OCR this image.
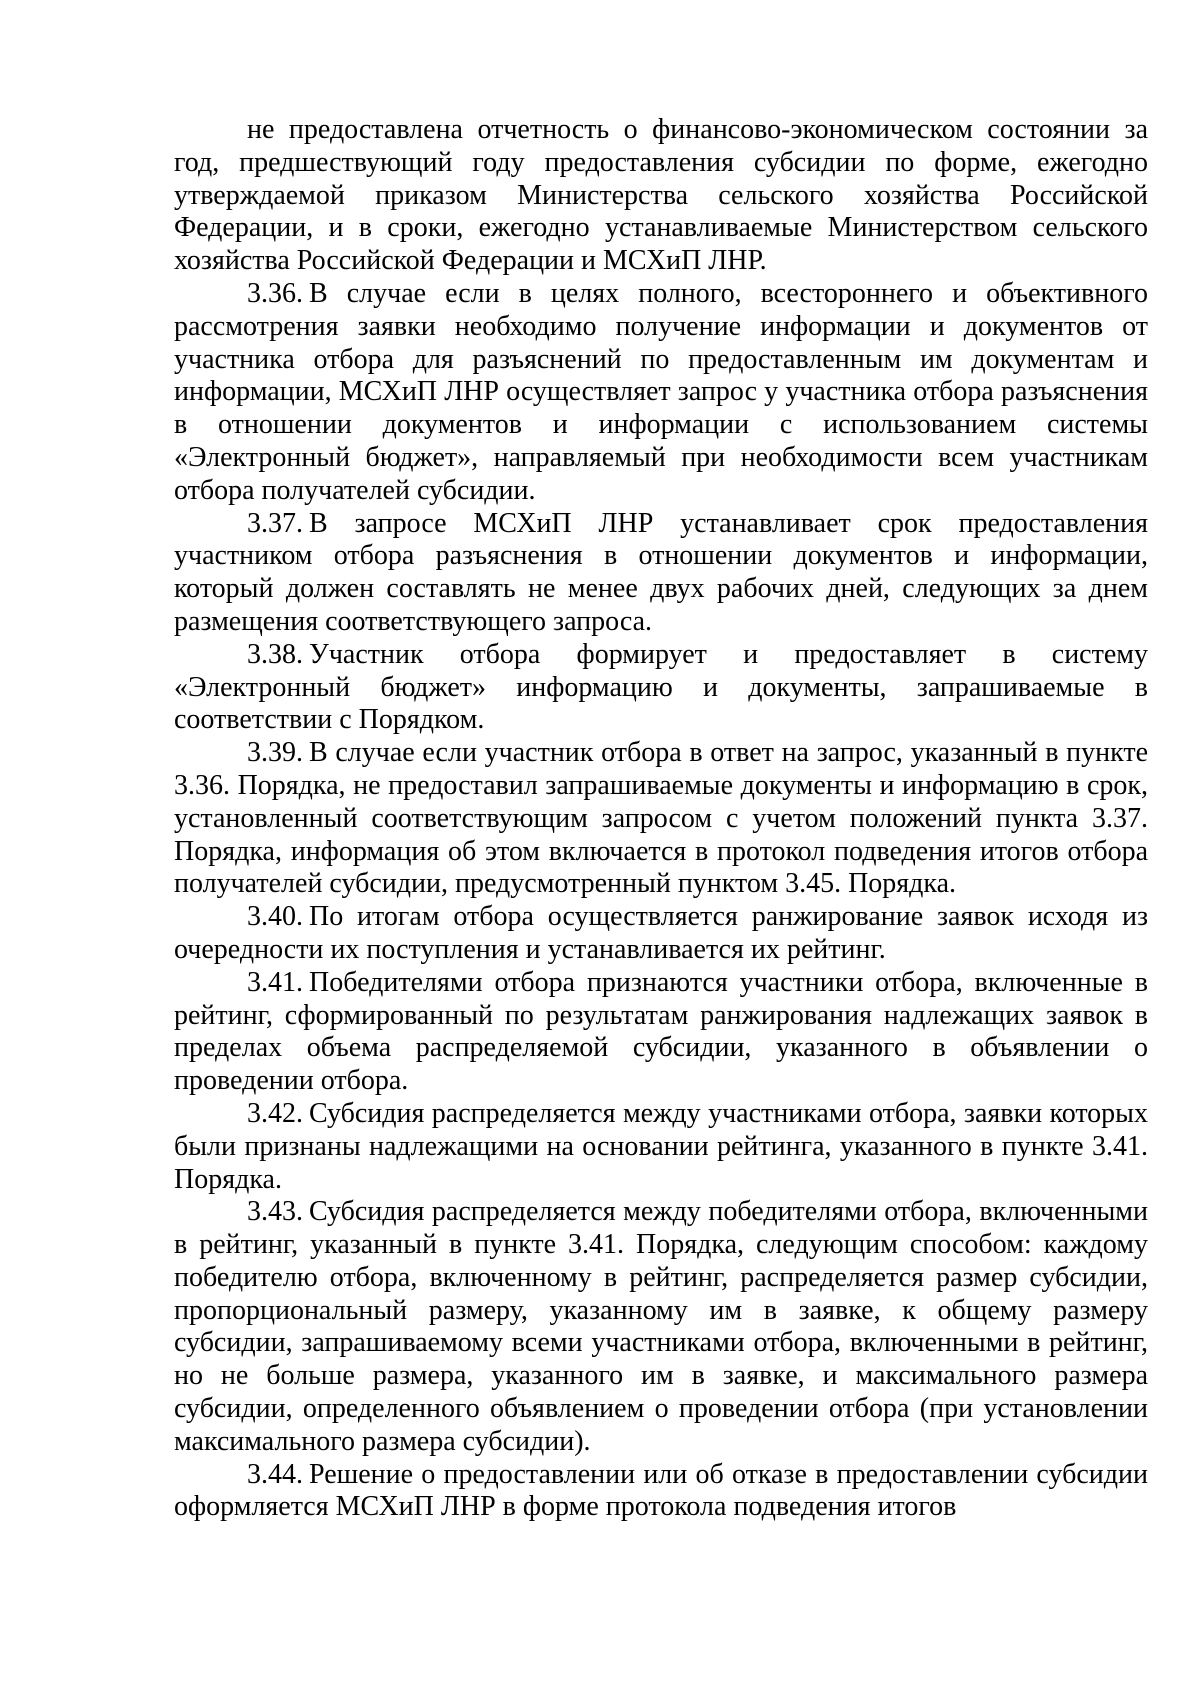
не предоставлена отчетность о финансово-экономическом состоянии за год, предшествующий году предоставления субсидии по форме, ежегодно утверждаемой приказом Министерства сельского хозяйства Российской Федерации, и в сроки, ежегодно устанавливаемые Министерством сельского хозяйства Российской Федерации и МСХиП ЛНР.

3.36. В случае если в целях полного, всестороннего и объективного рассмотрения заявки необходимо получение информации и документов от участника отбора для разъяснений по предоставленным им документам и информации, МСХиП ЛНР осуществляет запрос у участника отбора разъяснения в отношении документов и информации с использованием системы «Электронный бюджет», направляемый при необходимости всем участникам отбора получателей субсидии.

3.37. В запросе МСХиП ЛНР устанавливает срок предоставления участником отбора разъяснения в отношении документов и информации, который должен составлять не менее двух рабочих дней, следующих за днем размещения соответствующего запроса.

3.38. Участник отбора формирует и предоставляет в систему «Электронный бюджет» информацию и документы, запрашиваемые в соответствии с Порядком.

3.39. В случае если участник отбора в ответ на запрос, указанный в пункте 3.36. Порядка, не предоставил запрашиваемые документы и информацию в срок, установленный соответствующим запросом с учетом положений пункта 3.37. Порядка, информация об этом включается в протокол подведения итогов отбора получателей субсидии, предусмотренный пунктом 3.45. Порядка.

3.40. По итогам отбора осуществляется ранжирование заявок исходя из очередности их поступления и устанавливается их рейтинг.

3.41. Победителями отбора признаются участники отбора, включенные в рейтинг, сформированный по результатам ранжирования надлежащих заявок в пределах объема распределяемой субсидии, указанного в объявлении о проведении отбора.

3.42. Субсидия распределяется между участниками отбора, заявки которых были признаны надлежащими на основании рейтинга, указанного в пункте 3.41. Порядка.

3.43. Субсидия распределяется между победителями отбора, включенными в рейтинг, указанный в пункте 3.41. Порядка, следующим способом: каждому победителю отбора, включенному в рейтинг, распределяется размер субсидии, пропорциональный размеру, указанному им в заявке, к общему размеру субсидии, запрашиваемому всеми участниками отбора, включенными в рейтинг, но не больше размера, указанного им в заявке, и максимального размера субсидии, определенного объявлением о проведении отбора (при установлении максимального размера субсидии).

3.44. Решение о предоставлении или об отказе в предоставлении субсидии оформляется МСХиП ЛНР в форме протокола подведения итогов
